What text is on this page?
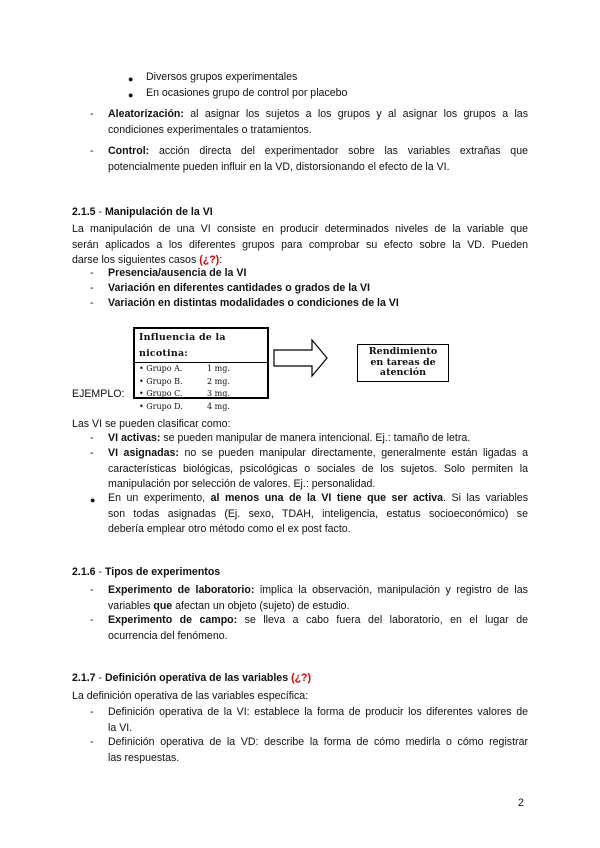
● Diversos grupos experimentales
● En ocasiones grupo de control por placebo
- Aleatorización: al asignar los sujetos a los grupos y al asignar los grupos a las
condiciones experimentales o tratamientos.
- Control: acción directa del experimentador sobre las variables extrañas que
potencialmente pueden influir en la VD, distorsionando el efecto de la VI.
2.1.5 - Manipulación de la VI
La manipulación de una VI consiste en producir determinados niveles de la variable que
serán aplicados a los diferentes grupos para comprobar su efecto sobre la VD. Pueden
darse los siguientes casos (¿?):
- Presencia/ausencia de la VI
- Variación en diferentes cantidades o grados de la VI
- Variación en distintas modalidades o condiciones de la VI
Influencia de la nicotina:
• Grupo A.	1 mg.
• Grupo B.	2 mg.
• Grupo C.	3 mg.
• Grupo D.	4 mg.
Rendimiento
en tareas de
atención
EJEMPLO:
Las VI se pueden clasificar como:
- VI activas: se pueden manipular de manera intencional. Ej.: tamaño de letra.
- VI asignadas: no se pueden manipular directamente, generalmente están ligadas a
características biológicas, psicológicas o sociales de los sujetos. Solo permiten la
manipulación por selección de valores. Ej.: personalidad.
● En un experimento, al menos una de la VI tiene que ser activa. Si las variables
son todas asignadas (Ej. sexo, TDAH, inteligencia, estatus socioeconómico) se
debería emplear otro método como el ex post facto.
2.1.6 - Tipos de experimentos
- Experimento de laboratorio: implica la observación, manipulación y registro de las
variables que afectan un objeto (sujeto) de estudio.
- Experimento de campo: se lleva a cabo fuera del laboratorio, en el lugar de
ocurrencia del fenómeno.
2.1.7 - Definición operativa de las variables (¿?)
La definición operativa de las variables específica:
- Definición operativa de la VI: establece la forma de producir los diferentes valores de
la VI.
- Definición operativa de la VD: describe la forma de cómo medirla o cómo registrar
las respuestas.
2
